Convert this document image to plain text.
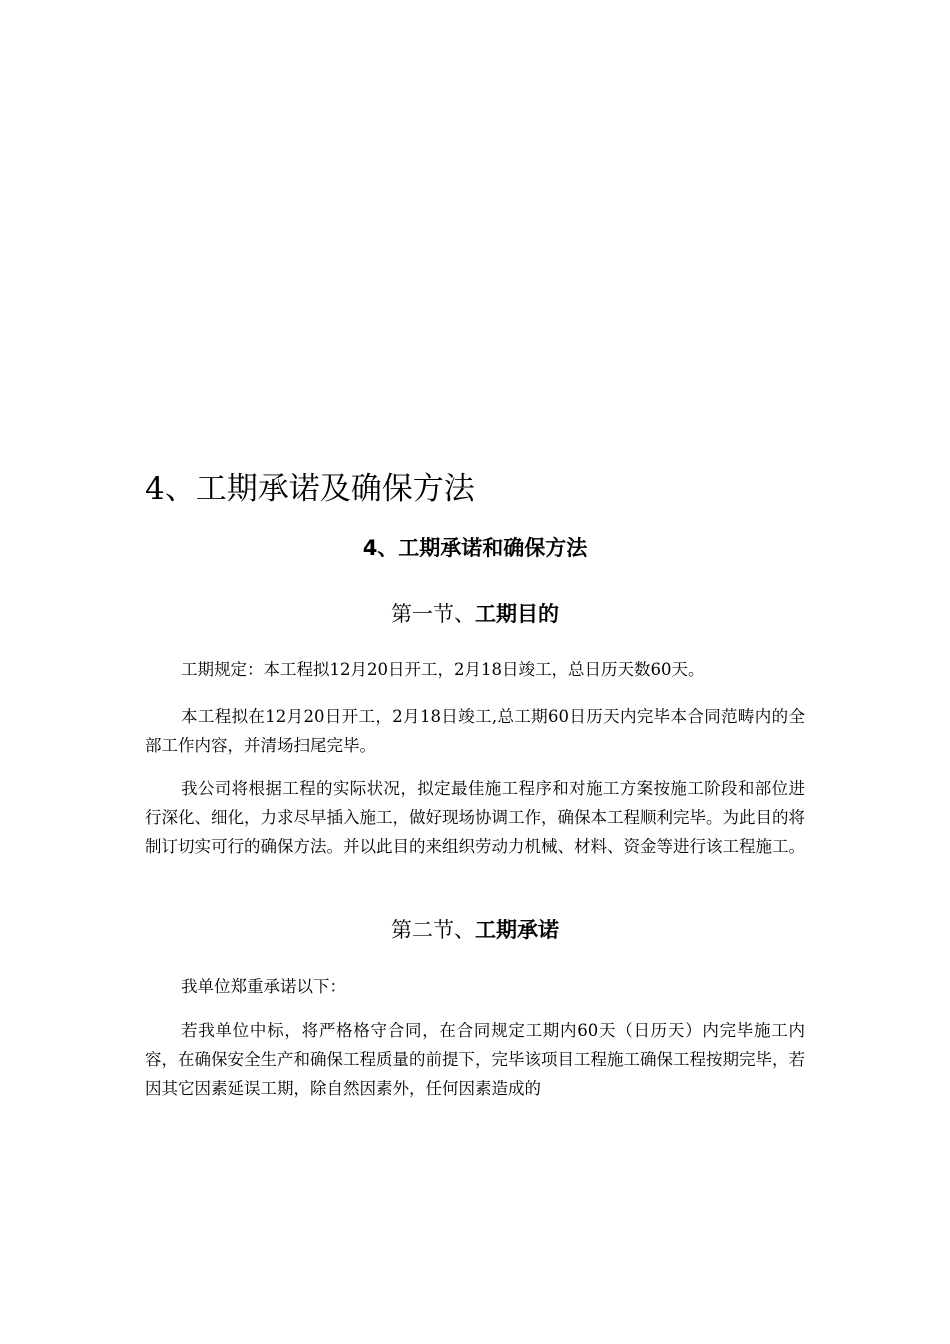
4、工期承诺及确保方法
4、工期承诺和确保方法
第一节、工期目的

工期规定：本工程拟12月20日开工，2月18日竣工，总日历天数60天。

本工程拟在12月20日开工，2月18日竣工,总工期60日历天内完毕本合同范畴内的全部工作内容，并清场扫尾完毕。

我公司将根据工程的实际状况，拟定最佳施工程序和对施工方案按施工阶段和部位进行深化、细化，力求尽早插入施工，做好现场协调工作，确保本工程顺利完毕。为此目的将制订切实可行的确保方法。并以此目的来组织劳动力机械、材料、资金等进行该工程施工。

第二节、工期承诺

我单位郑重承诺以下：

若我单位中标，将严格格守合同，在合同规定工期内60天（日历天）内完毕施工内容，在确保安全生产和确保工程质量的前提下，完毕该项目工程施工确保工程按期完毕，若因其它因素延误工期，除自然因素外，任何因素造成的
